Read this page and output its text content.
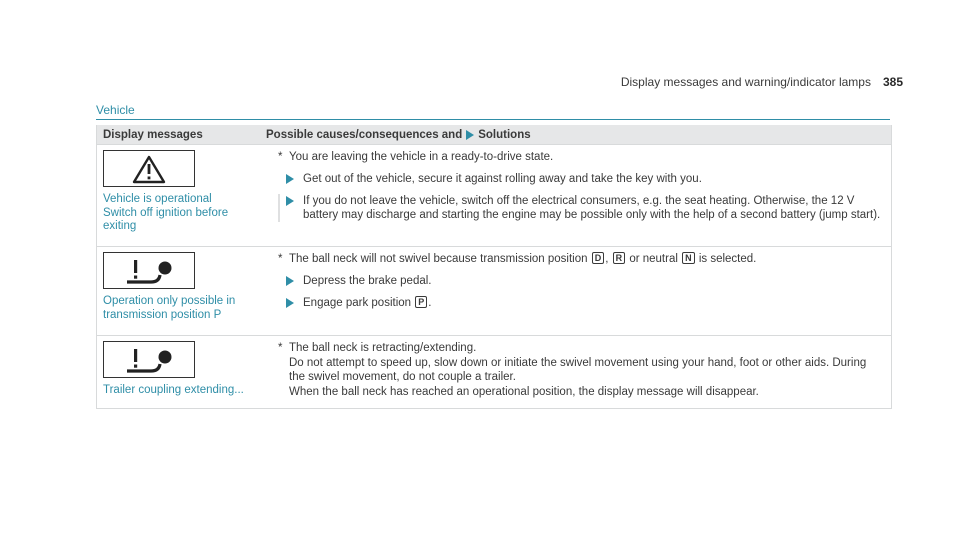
Display messages and warning/indicator lamps 385
Vehicle
Display messages	Possible causes/consequences and Solutions
Vehicle is operational
Switch off ignition before
exiting
* You are leaving the vehicle in a ready-to-drive state.
Get out of the vehicle, secure it against rolling away and take the key with you.
If you do not leave the vehicle, switch off the electrical consumers, e.g. the seat heating. Otherwise, the 12 V battery may discharge and starting the engine may be possible only with the help of a second battery (jump start).
Operation only possible in
transmission position P
* The ball neck will not swivel because transmission position D , R or neutral N is selected.
Depress the brake pedal.
Engage park position P .
Trailer coupling extending...
* The ball neck is retracting/extending.
Do not attempt to speed up, slow down or initiate the swivel movement using your hand, foot or other aids. During the swivel movement, do not couple a trailer.
When the ball neck has reached an operational position, the display message will disappear.
